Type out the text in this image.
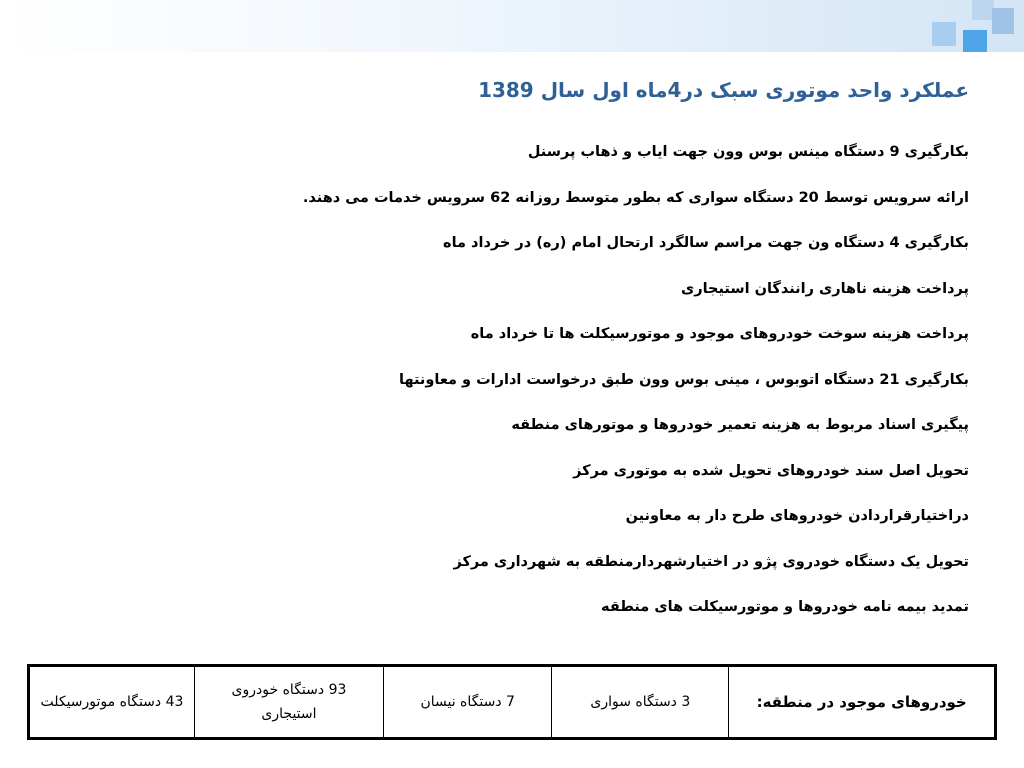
عملکرد واحد موتوری سبک در4ماه اول سال 1389
بکارگیری 9 دستگاه مینس بوس وون جهت ایاب و ذهاب پرسنل
ارائه سرویس توسط 20 دستگاه سواری که بطور متوسط روزانه 62 سرویس خدمات می دهند.
بکارگیری 4 دستگاه ون جهت مراسم سالگرد ارتحال امام (ره) در خرداد ماه
پرداخت هزینه ناهاری رانندگان استیجاری
پرداخت هزینه سوخت خودروهای موجود و موتورسیکلت ها تا خرداد ماه
بکارگیری 21 دستگاه اتوبوس ، مینی بوس وون طبق درخواست ادارات و معاونتها
پیگیری اسناد مربوط به هزینه تعمیر خودروها و موتورهای منطقه
تحویل اصل سند خودروهای تحویل شده به موتوری مرکز
دراختیارقراردادن خودروهای طرح دار به معاونین
تحویل یک دستگاه خودروی پژو در اختیارشهردارمنطقه به شهرداری مرکز
تمدید بیمه نامه خودروها و موتورسیکلت های منطقه
خودروهای موجود در منطقه:	3 دستگاه سواری	7 دستگاه نیسان	93 دستگاه خودروی استیجاری	43 دستگاه موتورسیکلت
